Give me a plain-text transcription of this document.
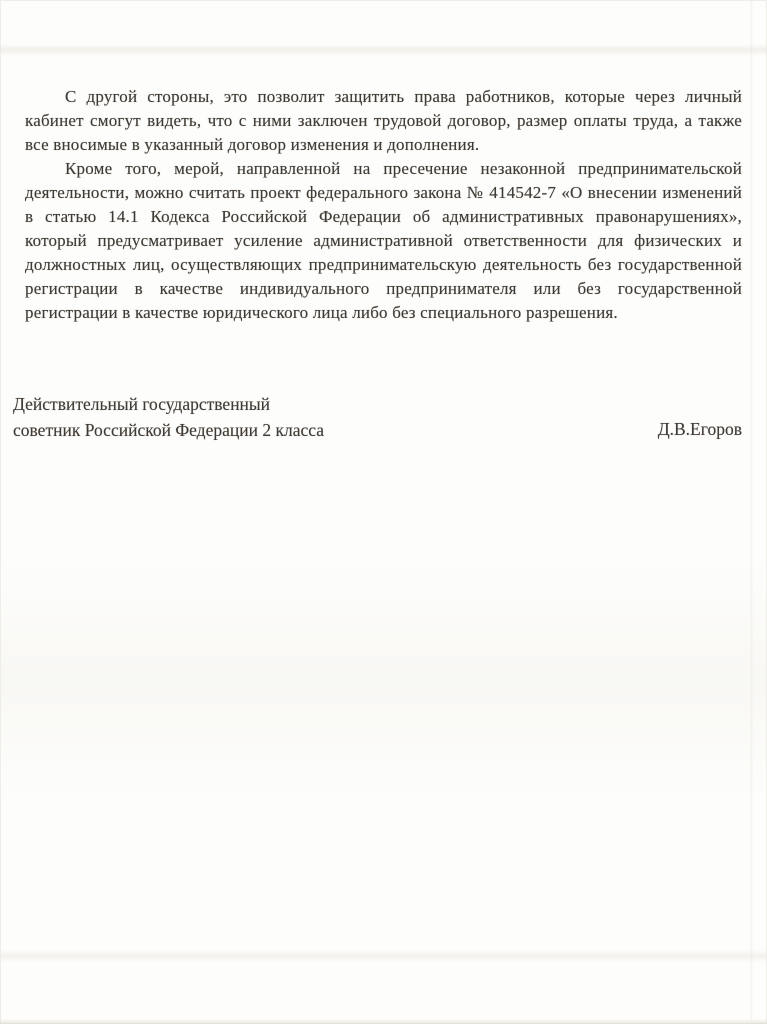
С другой стороны, это позволит защитить права работников, которые через личный кабинет смогут видеть, что с ними заключен трудовой договор, размер оплаты труда, а также все вносимые в указанный договор изменения и дополнения.

Кроме того, мерой, направленной на пресечение незаконной предпринимательской деятельности, можно считать проект федерального закона № 414542-7 «О внесении изменений в статью 14.1 Кодекса Российской Федерации об административных правонарушениях», который предусматривает усиление административной ответственности для физических и должностных лиц, осуществляющих предпринимательскую деятельность без государственной регистрации в качестве индивидуального предпринимателя или без государственной регистрации в качестве юридического лица либо без специального разрешения.

Действительный государственный
советник Российской Федерации 2 класса	Д.В.Егоров
